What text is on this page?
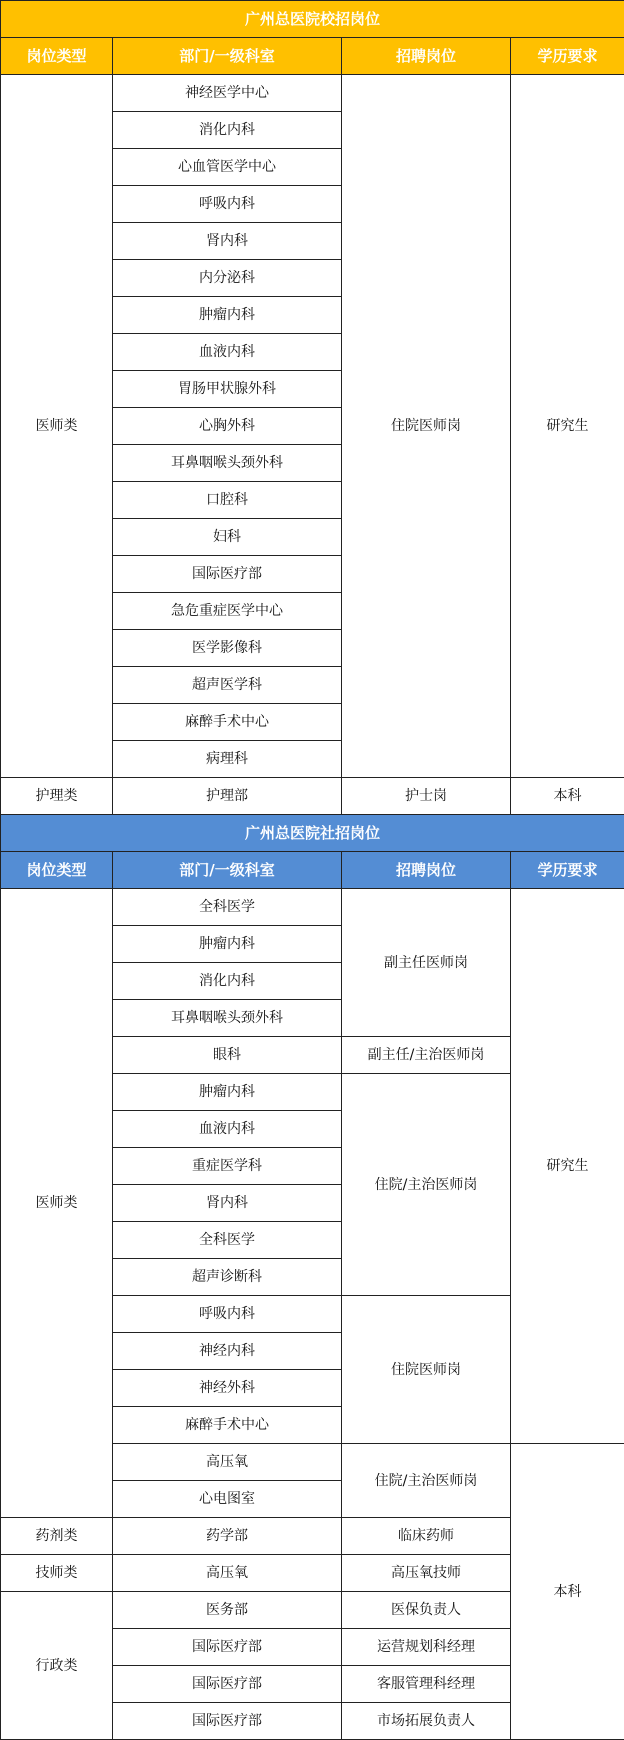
广州总医院校招岗位			
岗位类型	部门/一级科室	招聘岗位	学历要求
医师类	神经医学中心	住院医师岗	研究生
	消化内科		
	心血管医学中心		
	呼吸内科		
	肾内科		
	内分泌科		
	肿瘤内科		
	血液内科		
	胃肠甲状腺外科		
	心胸外科		
	耳鼻咽喉头颈外科		
	口腔科		
	妇科		
	国际医疗部		
	急危重症医学中心		
	医学影像科		
	超声医学科		
	麻醉手术中心		
	病理科		
护理类	护理部	护士岗	本科
广州总医院社招岗位			
岗位类型	部门/一级科室	招聘岗位	学历要求
医师类	全科医学	副主任医师岗	研究生
	肿瘤内科		
	消化内科		
	耳鼻咽喉头颈外科		
	眼科	副主任/主治医师岗	
	肿瘤内科	住院/主治医师岗	
	血液内科		
	重症医学科		
	肾内科		
	全科医学		
	超声诊断科		
	呼吸内科	住院医师岗	
	神经内科		
	神经外科		
	麻醉手术中心		
	高压氧	住院/主治医师岗	本科
	心电图室		
药剂类	药学部	临床药师	
技师类	高压氧	高压氧技师	
行政类	医务部	医保负责人	
	国际医疗部	运营规划科经理	
	国际医疗部	客服管理科经理	
	国际医疗部	市场拓展负责人	
